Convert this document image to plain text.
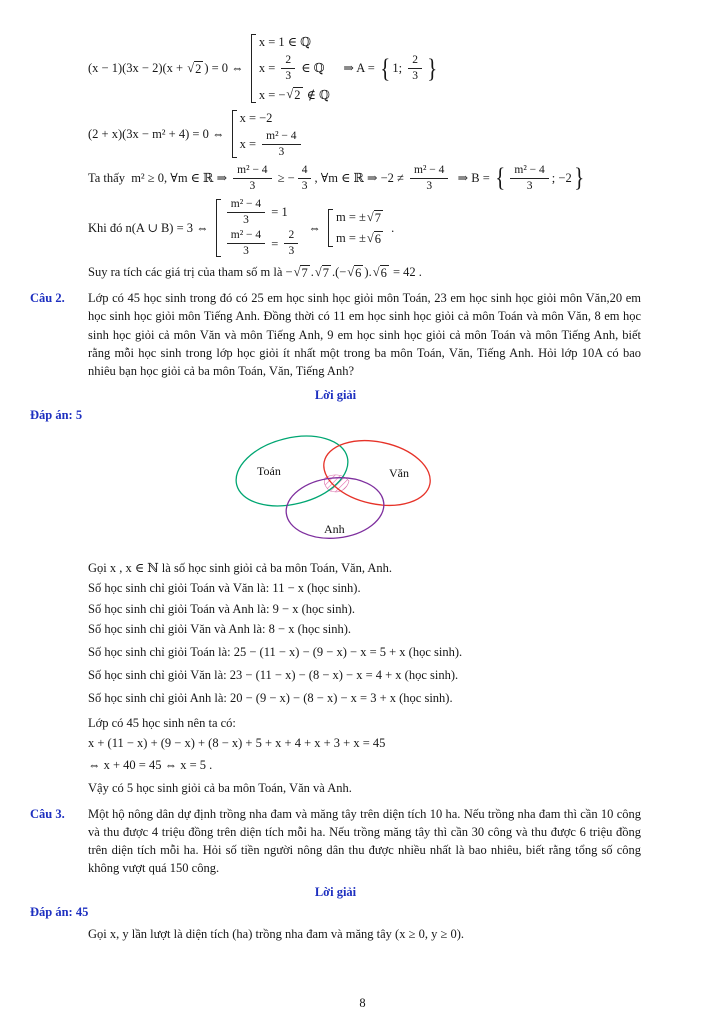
(x − 1)(3x − 2)(x + √ 2 ) = 0 ⇔
x = 1 ∈ ℚ
$x = \frac{2}{3}$ ∈ ℚ
x = − √ 2 ∉ ℚ
⇒ A = { 1; $\frac{2}{3}$ }
(2 + x)(3x − m² + 4) = 0 ⇔
x = −2
$x = \frac{\text{m² − 4}}{3}$
Ta thấy  m² ≥ 0, ∀m ∈ ℝ ⇒ $\frac{\text{m² − 4}}{3}$ ≥ − $\frac{4}{3}$ , ∀m ∈ ℝ ⇒ $-2 \ne \frac{\text{m² − 4}}{3}$ ⇒ B = { $\frac{\text{m² − 4}}{3}$ ; −2 }
Khi đó n(A ∪ B) = 3 ⇔
$\frac{\text{m² − 4}}{3} = 1$
$\frac{\text{m² − 4}}{3} = \frac{2}{3}$
⇔
m = ± √ 7
m = ± √ 6
.
Suy ra tích các giá trị của tham số m là − √ 7 . √ 7 .(− √ 6 ). √ 6 = 42 .
Câu 2.	Lớp có 45 học sinh trong đó có 25 em học sinh học giỏi môn Toán, 23 em học sinh học giỏi môn Văn,20 em học sinh học giỏi môn Tiếng Anh. Đồng thời có 11 em học sinh học giỏi cả môn Toán và môn Văn, 8 em học sinh học giỏi cả môn Văn và môn Tiếng Anh, 9 em học sinh học giỏi cả môn Toán và môn Tiếng Anh, biết rằng mỗi học sinh trong lớp học giỏi ít nhất một trong ba môn Toán, Văn, Tiếng Anh. Hỏi lớp 10A có bao nhiêu bạn học giỏi cả ba môn Toán, Văn, Tiếng Anh?
Lời giải
Đáp án: 5
Toán	Văn
Anh
Gọi x , x ∈ ℕ là số học sinh giỏi cả ba môn Toán, Văn, Anh.
Số học sinh chỉ giỏi Toán và Văn là: 11 − x (học sinh).
Số học sinh chỉ giỏi Toán và Anh là: 9 − x (học sinh).
Số học sinh chỉ giỏi Văn và Anh là: 8 − x (học sinh).
Số học sinh chỉ giỏi Toán là: 25 − (11 − x) − (9 − x) − x = 5 + x (học sinh).
Số học sinh chỉ giỏi Văn là: 23 − (11 − x) − (8 − x) − x = 4 + x (học sinh).
Số học sinh chỉ giỏi Anh là: 20 − (9 − x) − (8 − x) − x = 3 + x (học sinh).
Lớp có 45 học sinh nên ta có:
x + (11 − x) + (9 − x) + (8 − x) + 5 + x + 4 + x + 3 + x = 45
⇔ x + 40 = 45 ⇔ x = 5 .
Vậy có 5 học sinh giỏi cả ba môn Toán, Văn và Anh.
Câu 3.	Một hộ nông dân dự định trồng nha đam và măng tây trên diện tích 10 ha. Nếu trồng nha đam thì cần 10 công và thu được 4 triệu đồng trên diện tích mỗi ha. Nếu trồng măng tây thì cần 30 công và thu được 6 triệu đồng trên diện tích mỗi ha. Hỏi số tiền người nông dân thu được nhiều nhất là bao nhiêu, biết rằng tổng số công không vượt quá 150 công.
Lời giải
Đáp án: 45
Gọi x, y lần lượt là diện tích (ha) trồng nha đam và măng tây (x ≥ 0, y ≥ 0).
8
